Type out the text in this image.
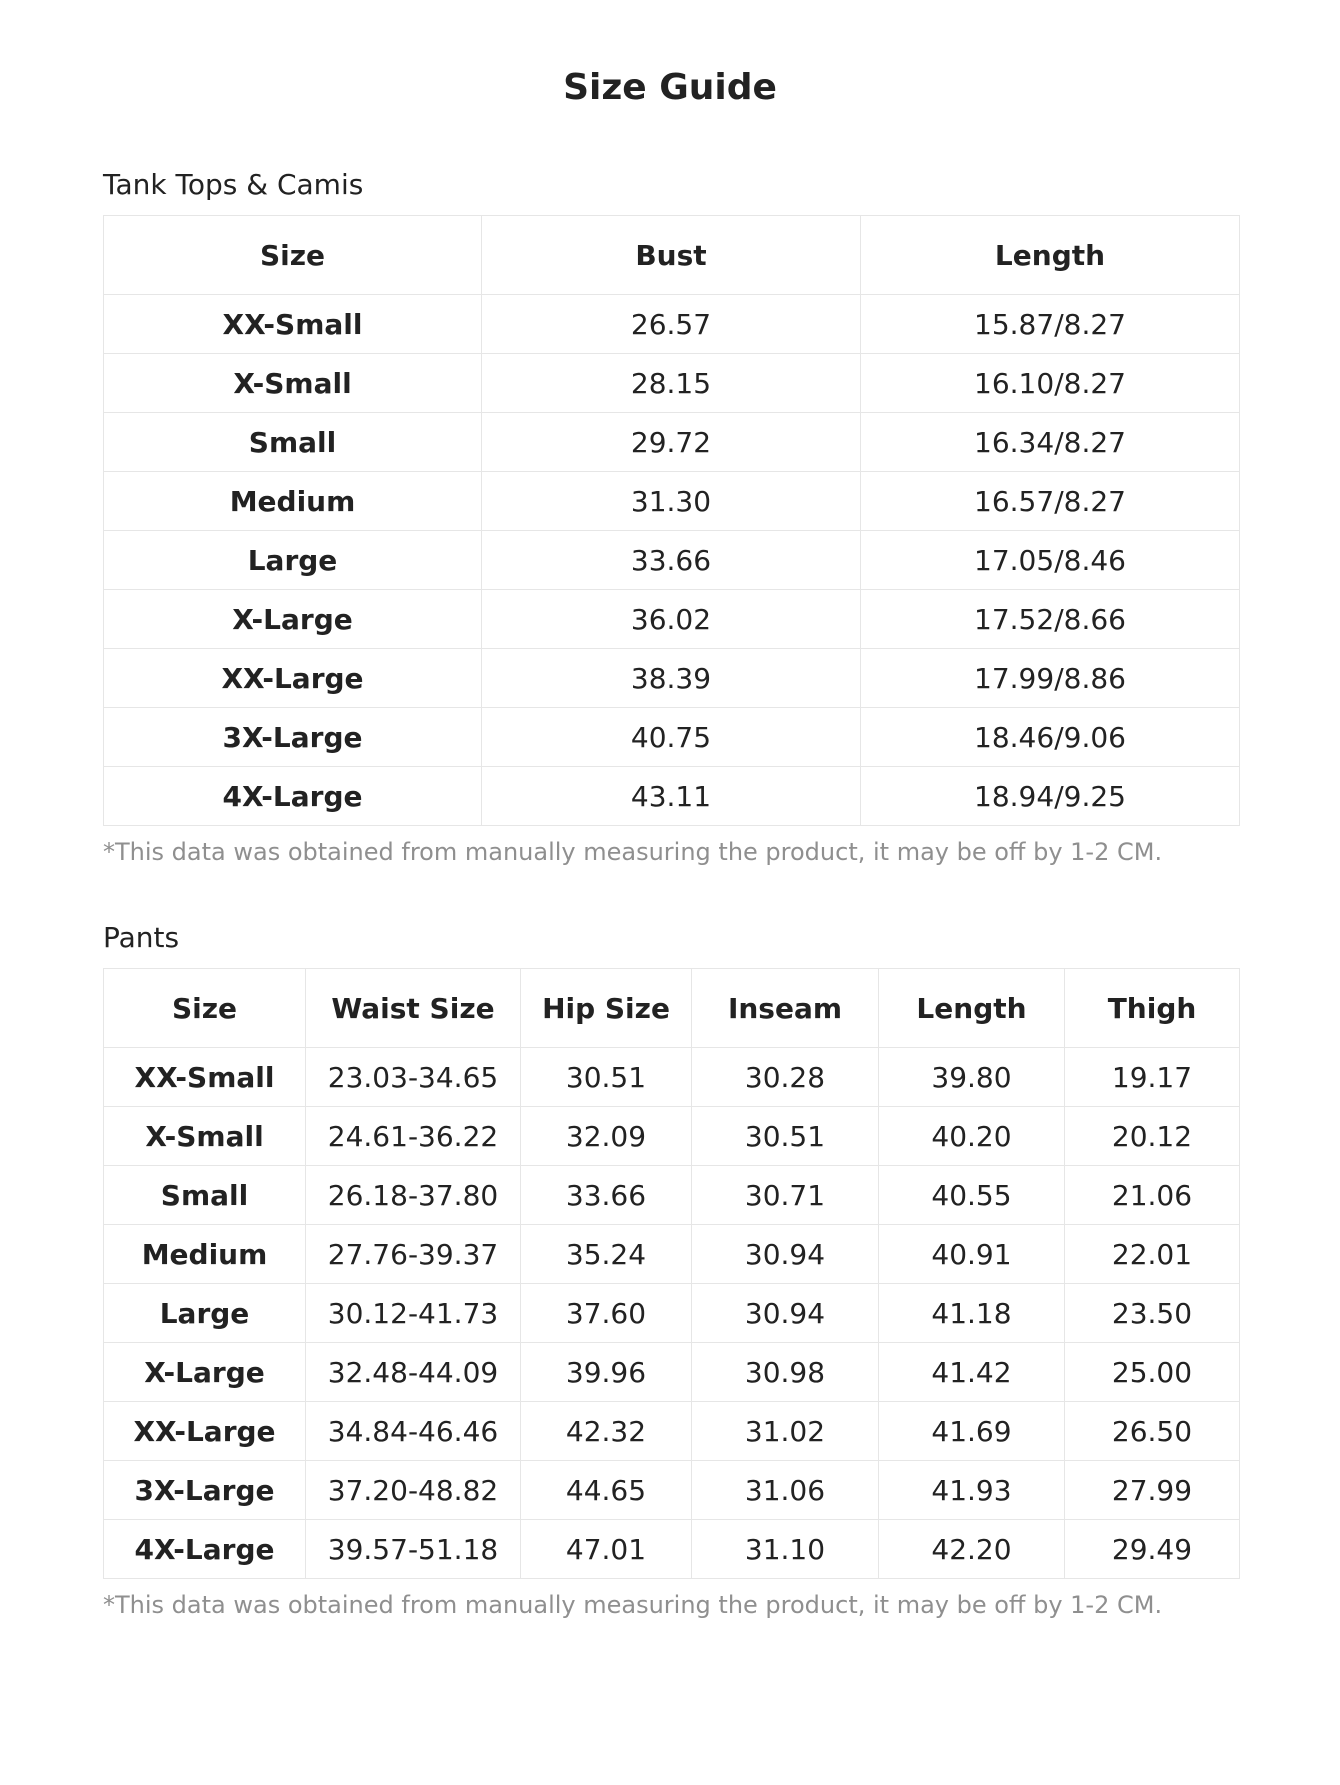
Size Guide
Tank Tops & Camis
Size	Bust	Length
XX-Small	26.57	15.87/8.27
X-Small	28.15	16.10/8.27
Small	29.72	16.34/8.27
Medium	31.30	16.57/8.27
Large	33.66	17.05/8.46
X-Large	36.02	17.52/8.66
XX-Large	38.39	17.99/8.86
3X-Large	40.75	18.46/9.06
4X-Large	43.11	18.94/9.25
*This data was obtained from manually measuring the product, it may be off by 1-2 CM.
Pants
Size	Waist Size	Hip Size	Inseam	Length	Thigh
XX-Small	23.03-34.65	30.51	30.28	39.80	19.17
X-Small	24.61-36.22	32.09	30.51	40.20	20.12
Small	26.18-37.80	33.66	30.71	40.55	21.06
Medium	27.76-39.37	35.24	30.94	40.91	22.01
Large	30.12-41.73	37.60	30.94	41.18	23.50
X-Large	32.48-44.09	39.96	30.98	41.42	25.00
XX-Large	34.84-46.46	42.32	31.02	41.69	26.50
3X-Large	37.20-48.82	44.65	31.06	41.93	27.99
4X-Large	39.57-51.18	47.01	31.10	42.20	29.49
*This data was obtained from manually measuring the product, it may be off by 1-2 CM.
